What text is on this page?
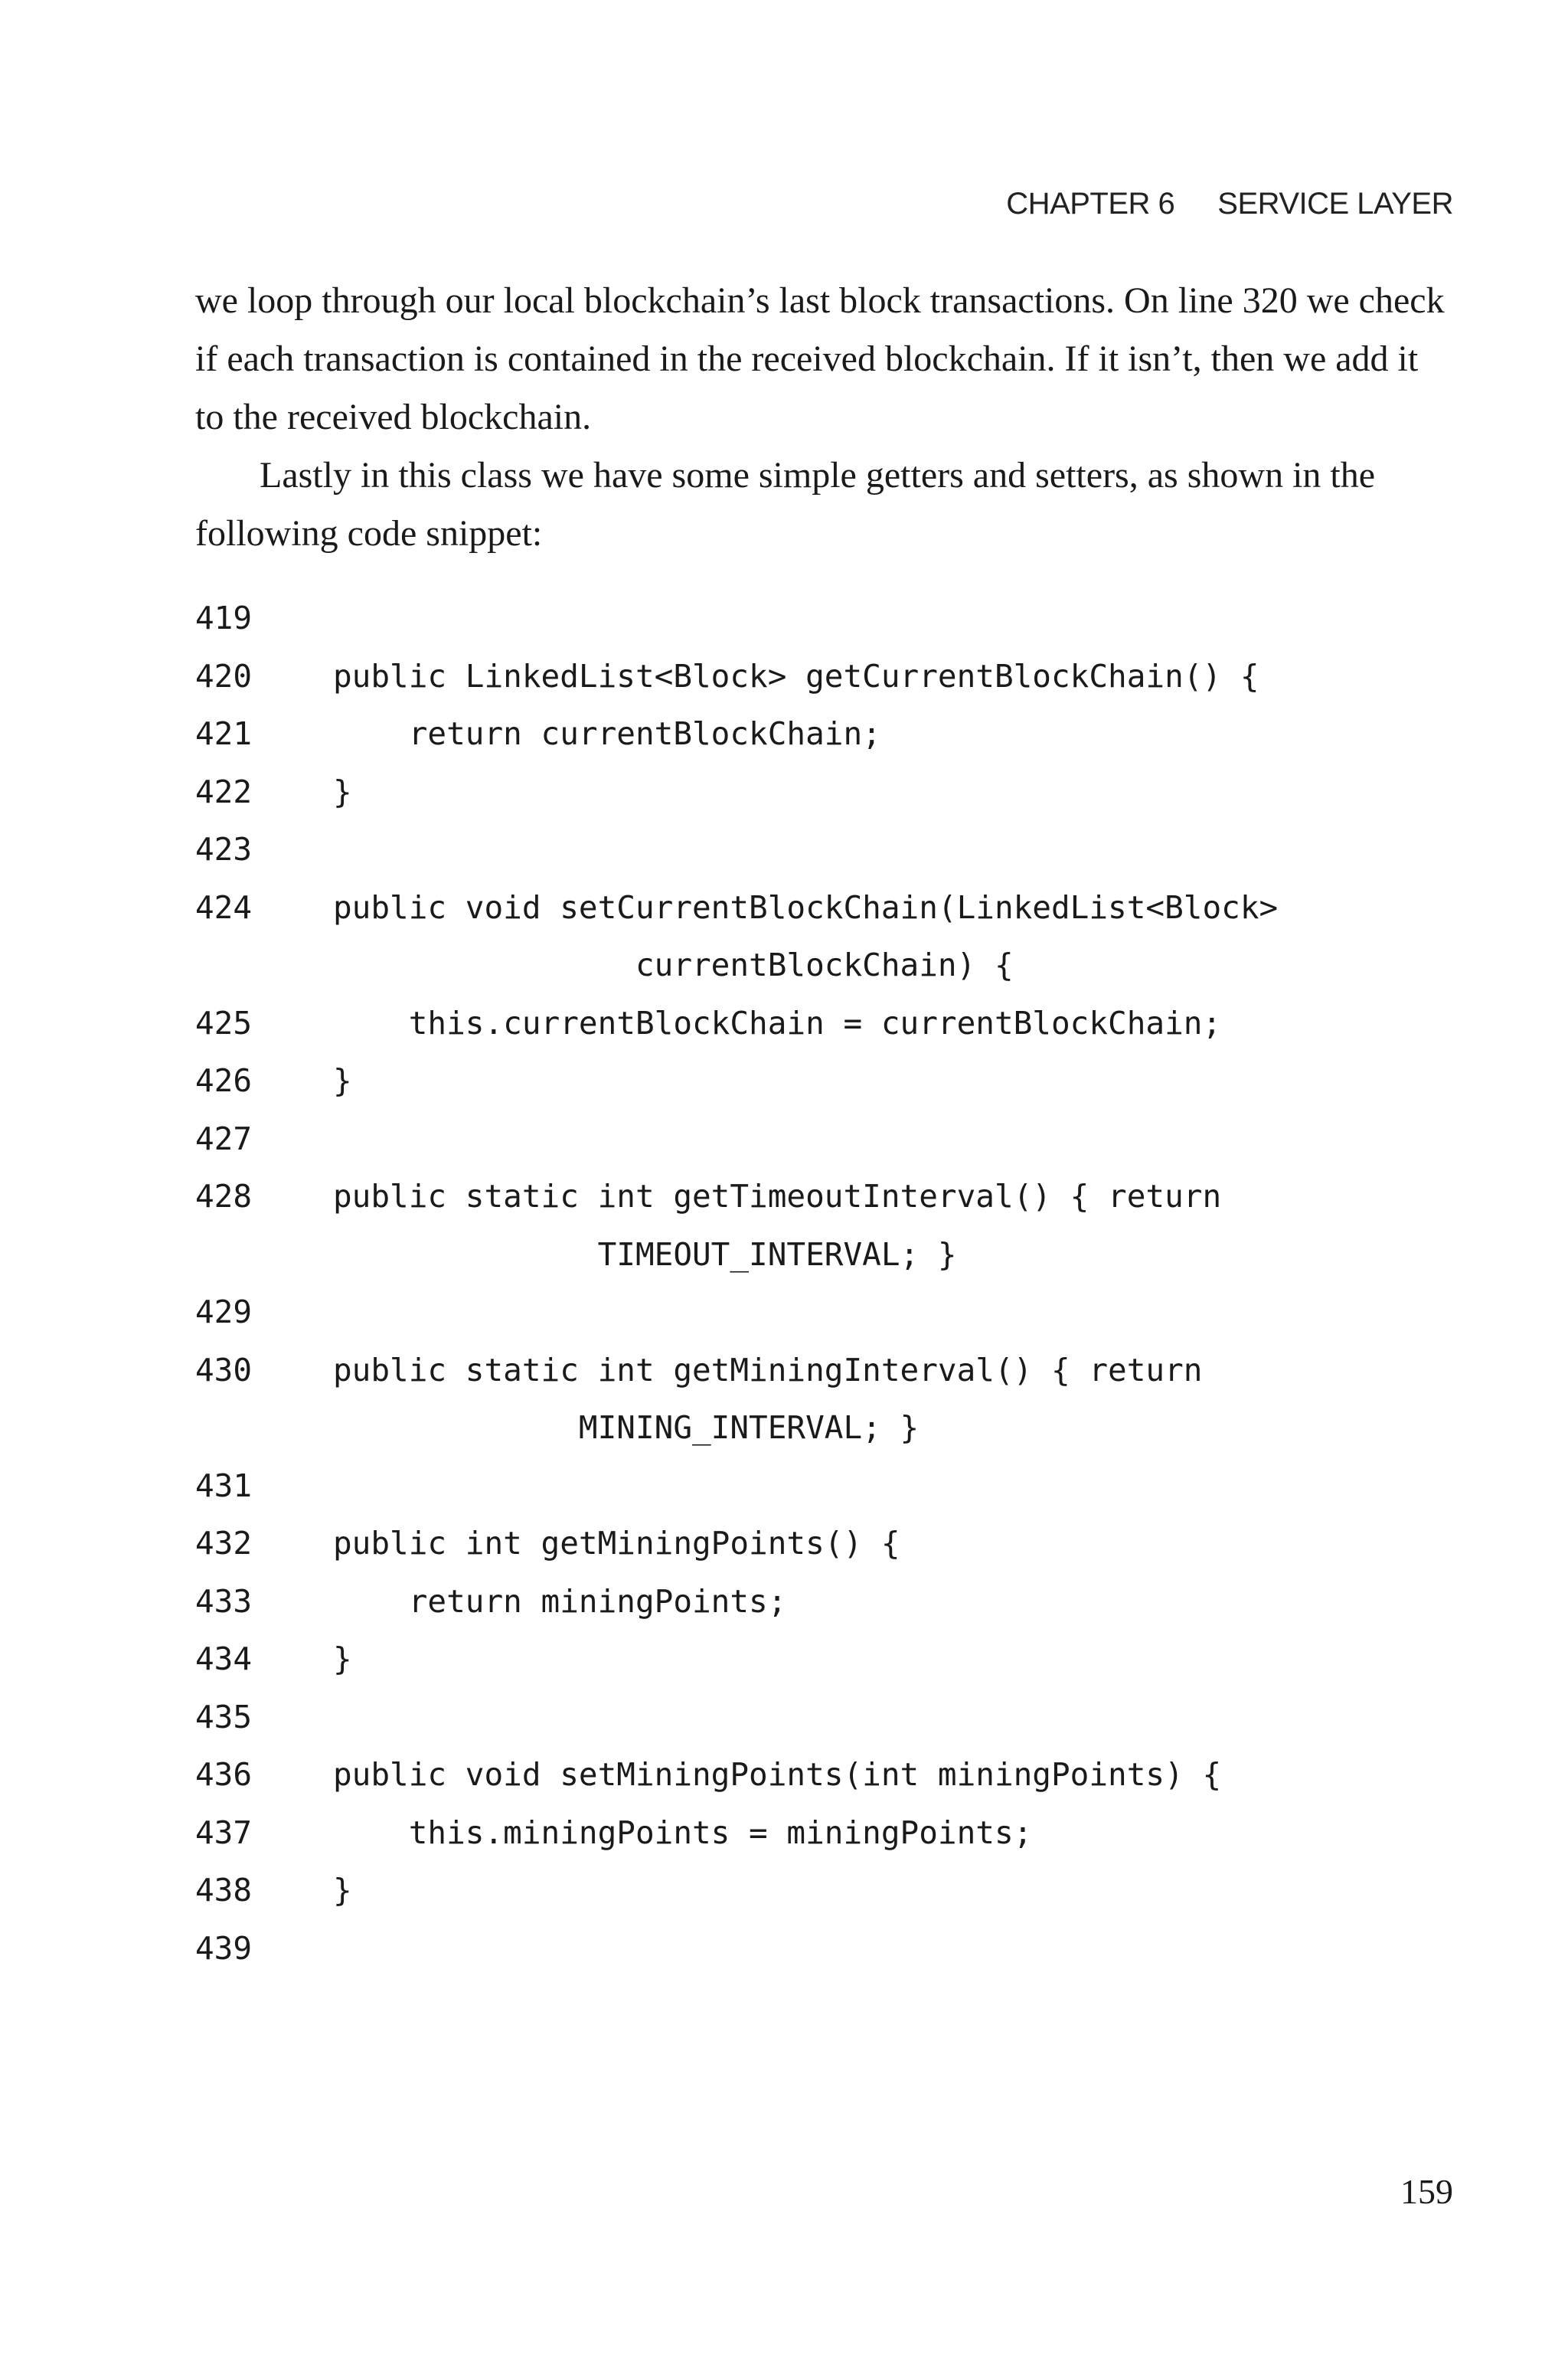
CHAPTER 6 SERVICE LAYER

we loop through our local blockchain’s last block transactions. On line 320 we check if each transaction is contained in the received blockchain. If it isn’t, then we add it to the received blockchain.

Lastly in this class we have some simple getters and setters, as shown in the following code snippet:

419
420	public LinkedList<Block> getCurrentBlockChain() {
421	return currentBlockChain;
422	}
423
424	public void setCurrentBlockChain(LinkedList<Block>
currentBlockChain) {
425	this.currentBlockChain = currentBlockChain;
426	}
427
428	public static int getTimeoutInterval() { return
TIMEOUT_INTERVAL; }
429
430	public static int getMiningInterval() { return
MINING_INTERVAL; }
431
432	public int getMiningPoints() {
433	return miningPoints;
434	}
435
436	public void setMiningPoints(int miningPoints) {
437	this.miningPoints = miningPoints;
438	}
439
159
